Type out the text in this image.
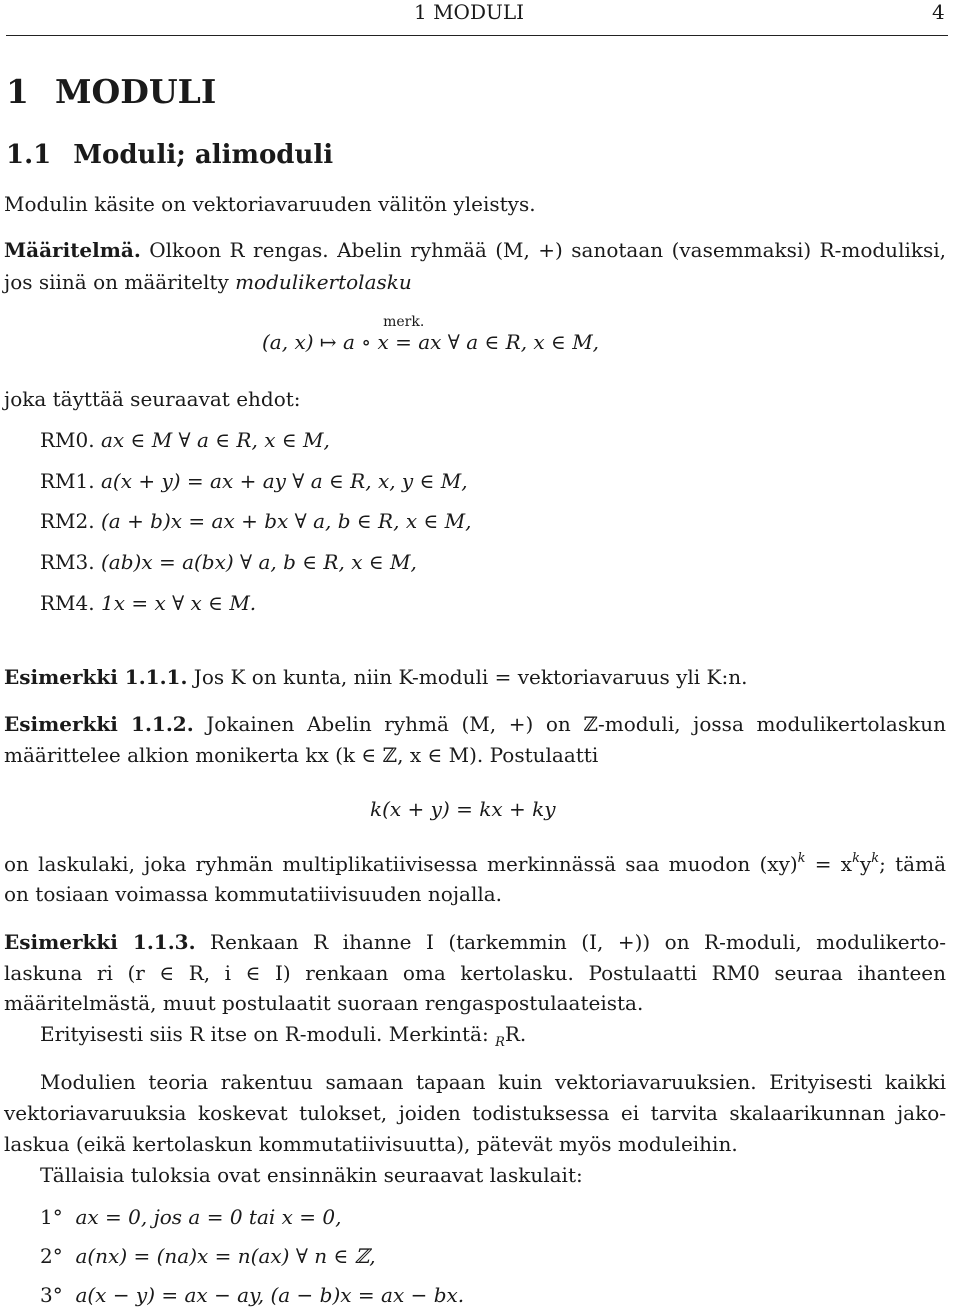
1 MODULI	4
1 MODULI
1.1 Moduli; alimoduli
Modulin käsite on vektoriavaruuden välitön yleistys.
Määritelmä. Olkoon R rengas. Abelin ryhmää (M, +) sanotaan (vasemmaksi) R-moduliksi,
jos siinä on määritelty modulikertolasku
(a, x) ↦ a ∘ x
merk.
= ax ∀ a ∈ R, x ∈ M,
joka täyttää seuraavat ehdot:
RM0. ax ∈ M ∀ a ∈ R, x ∈ M,
RM1. a(x + y) = ax + ay ∀ a ∈ R, x, y ∈ M,
RM2. (a + b)x = ax + bx ∀ a, b ∈ R, x ∈ M,
RM3. (ab)x = a(bx) ∀ a, b ∈ R, x ∈ M,
RM4. 1x = x ∀ x ∈ M.
Esimerkki 1.1.1. Jos K on kunta, niin K-moduli = vektoriavaruus yli K:n.
Esimerkki 1.1.2. Jokainen Abelin ryhmä (M, +) on ℤ-moduli, jossa modulikertolaskun
määrittelee alkion monikerta kx (k ∈ ℤ, x ∈ M). Postulaatti
k(x + y) = kx + ky
on laskulaki, joka ryhmän multiplikatiivisessa merkinnässä saa muodon $(xy)^k = x^ky^k$; tämä
on tosiaan voimassa kommutatiivisuuden nojalla.
Esimerkki 1.1.3. Renkaan R ihanne I (tarkemmin (I, +)) on R-moduli, modulikerto-
laskuna ri (r ∈ R, i ∈ I) renkaan oma kertolasku. Postulaatti RM0 seuraa ihanteen
määritelmästä, muut postulaatit suoraan rengaspostulaateista.
Erityisesti siis R itse on R-moduli. Merkintä: $_R$R.
Modulien teoria rakentuu samaan tapaan kuin vektoriavaruuksien. Erityisesti kaikki
vektoriavaruuksia koskevat tulokset, joiden todistuksessa ei tarvita skalaarikunnan jako-
laskua (eikä kertolaskun kommutatiivisuutta), pätevät myös moduleihin.
Tällaisia tuloksia ovat ensinnäkin seuraavat laskulait:
1° ax = 0, jos a = 0 tai x = 0,
2° a(nx) = (na)x = n(ax) ∀ n ∈ ℤ,
3° a(x − y) = ax − ay, (a − b)x = ax − bx.
